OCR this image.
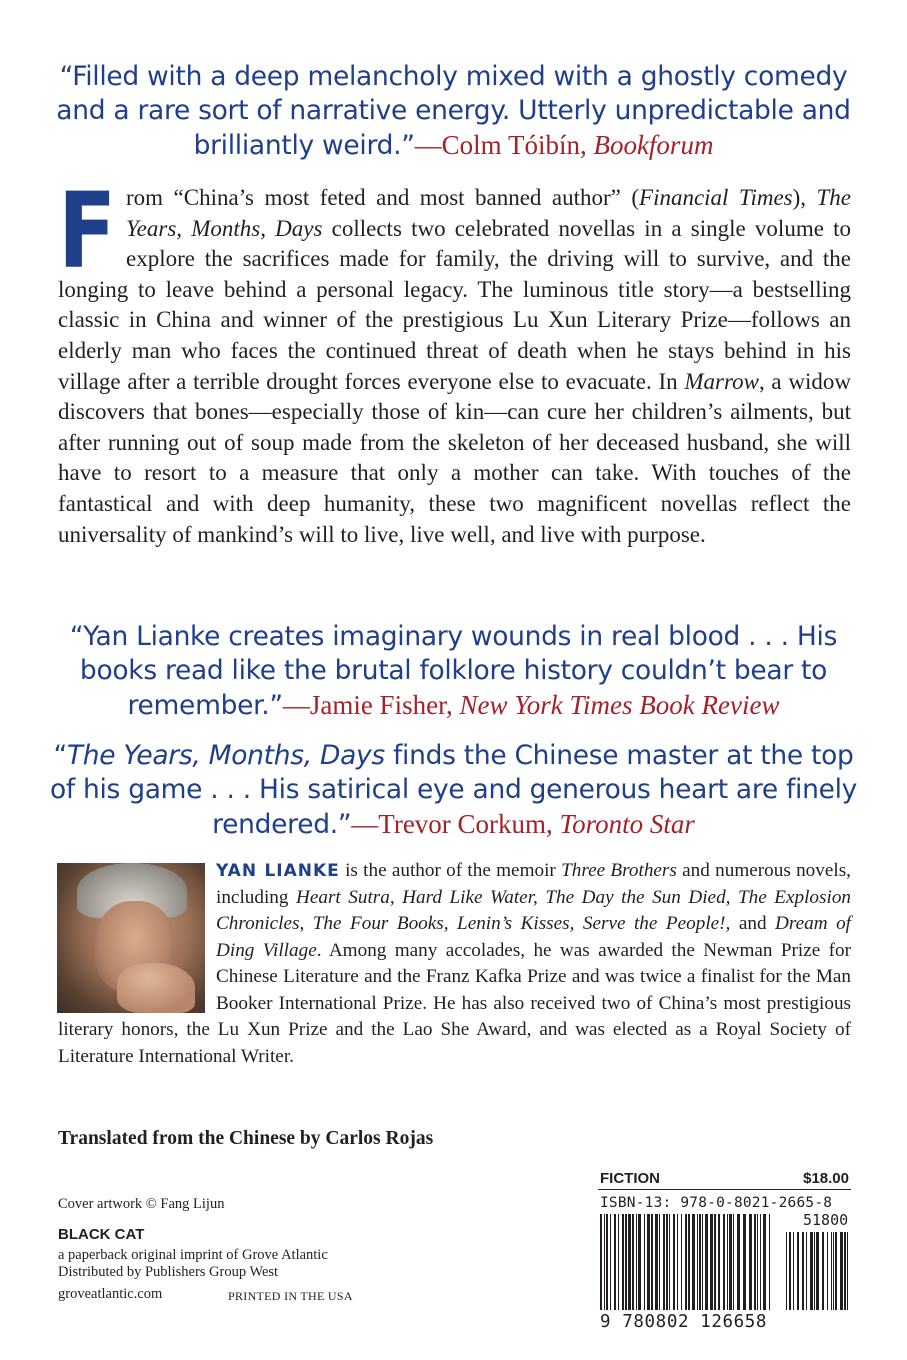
“Filled with a deep melancholy mixed with a ghostly comedy and a rare sort of narrative energy. Utterly unpredictable and brilliantly weird.”—Colm Tóibín, Bookforum
From “China’s most feted and most banned author” (Financial Times), The Years, Months, Days collects two celebrated novellas in a single volume to explore the sacrifices made for family, the driving will to survive, and the longing to leave behind a personal legacy. The luminous title story—a bestselling classic in China and winner of the prestigious Lu Xun Literary Prize—follows an elderly man who faces the continued threat of death when he stays behind in his village after a terrible drought forces everyone else to evacuate. In Marrow, a widow discovers that bones—especially those of kin—can cure her children’s ailments, but after running out of soup made from the skeleton of her deceased husband, she will have to resort to a measure that only a mother can take. With touches of the fantastical and with deep humanity, these two magnificent novellas reflect the universality of mankind’s will to live, live well, and live with purpose.
“Yan Lianke creates imaginary wounds in real blood . . . His books read like the brutal folklore history couldn’t bear to remember.”—Jamie Fisher, New York Times Book Review
“The Years, Months, Days finds the Chinese master at the top of his game . . . His satirical eye and generous heart are finely rendered.”—Trevor Corkum, Toronto Star
YAN LIANKE is the author of the memoir Three Brothers and numerous novels, including Heart Sutra, Hard Like Water, The Day the Sun Died, The Explosion Chronicles, The Four Books, Lenin’s Kisses, Serve the People!, and Dream of Ding Village. Among many accolades, he was awarded the Newman Prize for Chinese Literature and the Franz Kafka Prize and was twice a finalist for the Man Booker International Prize. He has also received two of China’s most prestigious literary honors, the Lu Xun Prize and the Lao She Award, and was elected as a Royal Society of Literature International Writer.
Translated from the Chinese by Carlos Rojas
Cover artwork © Fang Lijun
BLACK CAT
a paperback original imprint of Grove Atlantic
Distributed by Publishers Group West
groveatlantic.com	PRINTED IN THE USA
FICTION	$18.00
ISBN-13: 978-0-8021-2665-8
51800
9 780802 126658
